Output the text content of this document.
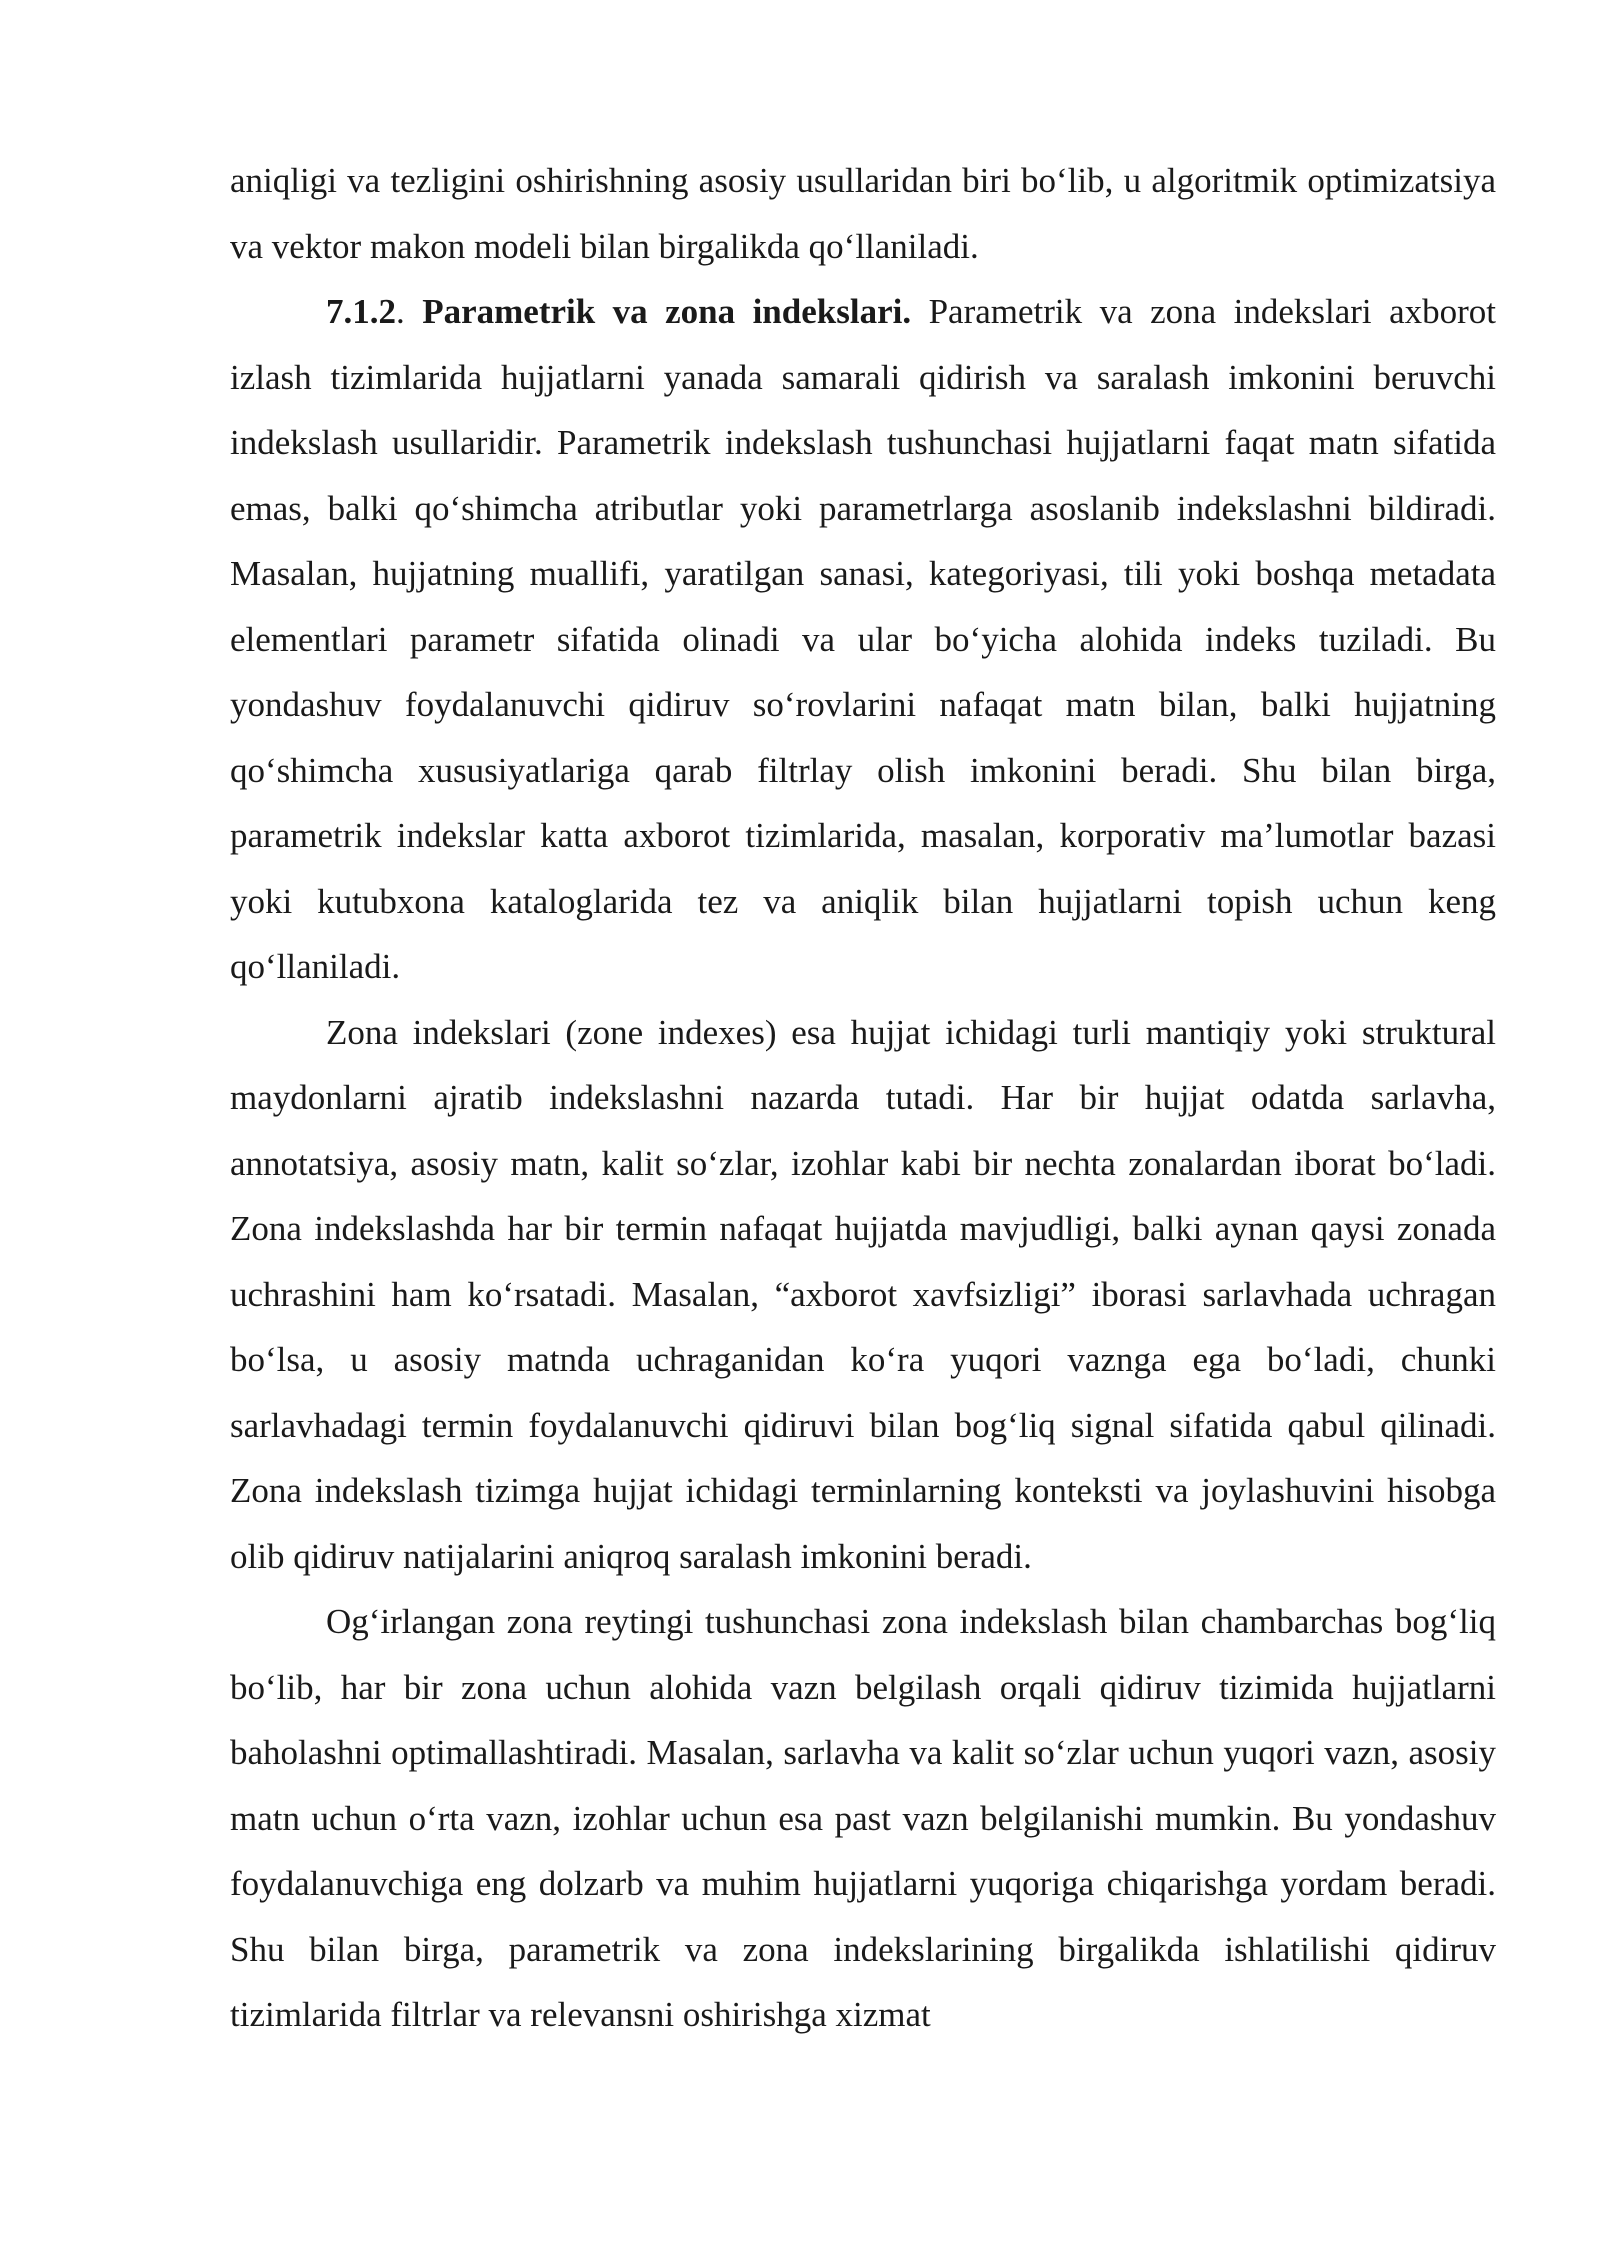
aniqligi va tezligini oshirishning asosiy usullaridan biri bo‘lib, u algoritmik optimizatsiya va vektor makon modeli bilan birgalikda qo‘llaniladi.

7.1.2. Parametrik va zona indekslari. Parametrik va zona indekslari axborot izlash tizimlarida hujjatlarni yanada samarali qidirish va saralash imkonini beruvchi indekslash usullaridir. Parametrik indekslash tushunchasi hujjatlarni faqat matn sifatida emas, balki qo‘shimcha atributlar yoki parametrlarga asoslanib indekslashni bildiradi. Masalan, hujjatning muallifi, yaratilgan sanasi, kategoriyasi, tili yoki boshqa metadata elementlari parametr sifatida olinadi va ular bo‘yicha alohida indeks tuziladi. Bu yondashuv foydalanuvchi qidiruv so‘rovlarini nafaqat matn bilan, balki hujjatning qo‘shimcha xususiyatlariga qarab filtrlay olish imkonini beradi. Shu bilan birga, parametrik indekslar katta axborot tizimlarida, masalan, korporativ ma’lumotlar bazasi yoki kutubxona kataloglarida tez va aniqlik bilan hujjatlarni topish uchun keng qo‘llaniladi.

Zona indekslari (zone indexes) esa hujjat ichidagi turli mantiqiy yoki struktural maydonlarni ajratib indekslashni nazarda tutadi. Har bir hujjat odatda sarlavha, annotatsiya, asosiy matn, kalit so‘zlar, izohlar kabi bir nechta zonalardan iborat bo‘ladi. Zona indekslashda har bir termin nafaqat hujjatda mavjudligi, balki aynan qaysi zonada uchrashini ham ko‘rsatadi. Masalan, “axborot xavfsizligi” iborasi sarlavhada uchragan bo‘lsa, u asosiy matnda uchraganidan ko‘ra yuqori vaznga ega bo‘ladi, chunki sarlavhadagi termin foydalanuvchi qidiruvi bilan bog‘liq signal sifatida qabul qilinadi. Zona indekslash tizimga hujjat ichidagi terminlarning konteksti va joylashuvini hisobga olib qidiruv natijalarini aniqroq saralash imkonini beradi.

Og‘irlangan zona reytingi tushunchasi zona indekslash bilan chambarchas bog‘liq bo‘lib, har bir zona uchun alohida vazn belgilash orqali qidiruv tizimida hujjatlarni baholashni optimallashtiradi. Masalan, sarlavha va kalit so‘zlar uchun yuqori vazn, asosiy matn uchun o‘rta vazn, izohlar uchun esa past vazn belgilanishi mumkin. Bu yondashuv foydalanuvchiga eng dolzarb va muhim hujjatlarni yuqoriga chiqarishga yordam beradi. Shu bilan birga, parametrik va zona indekslarining birgalikda ishlatilishi qidiruv tizimlarida filtrlar va relevansni oshirishga xizmat
